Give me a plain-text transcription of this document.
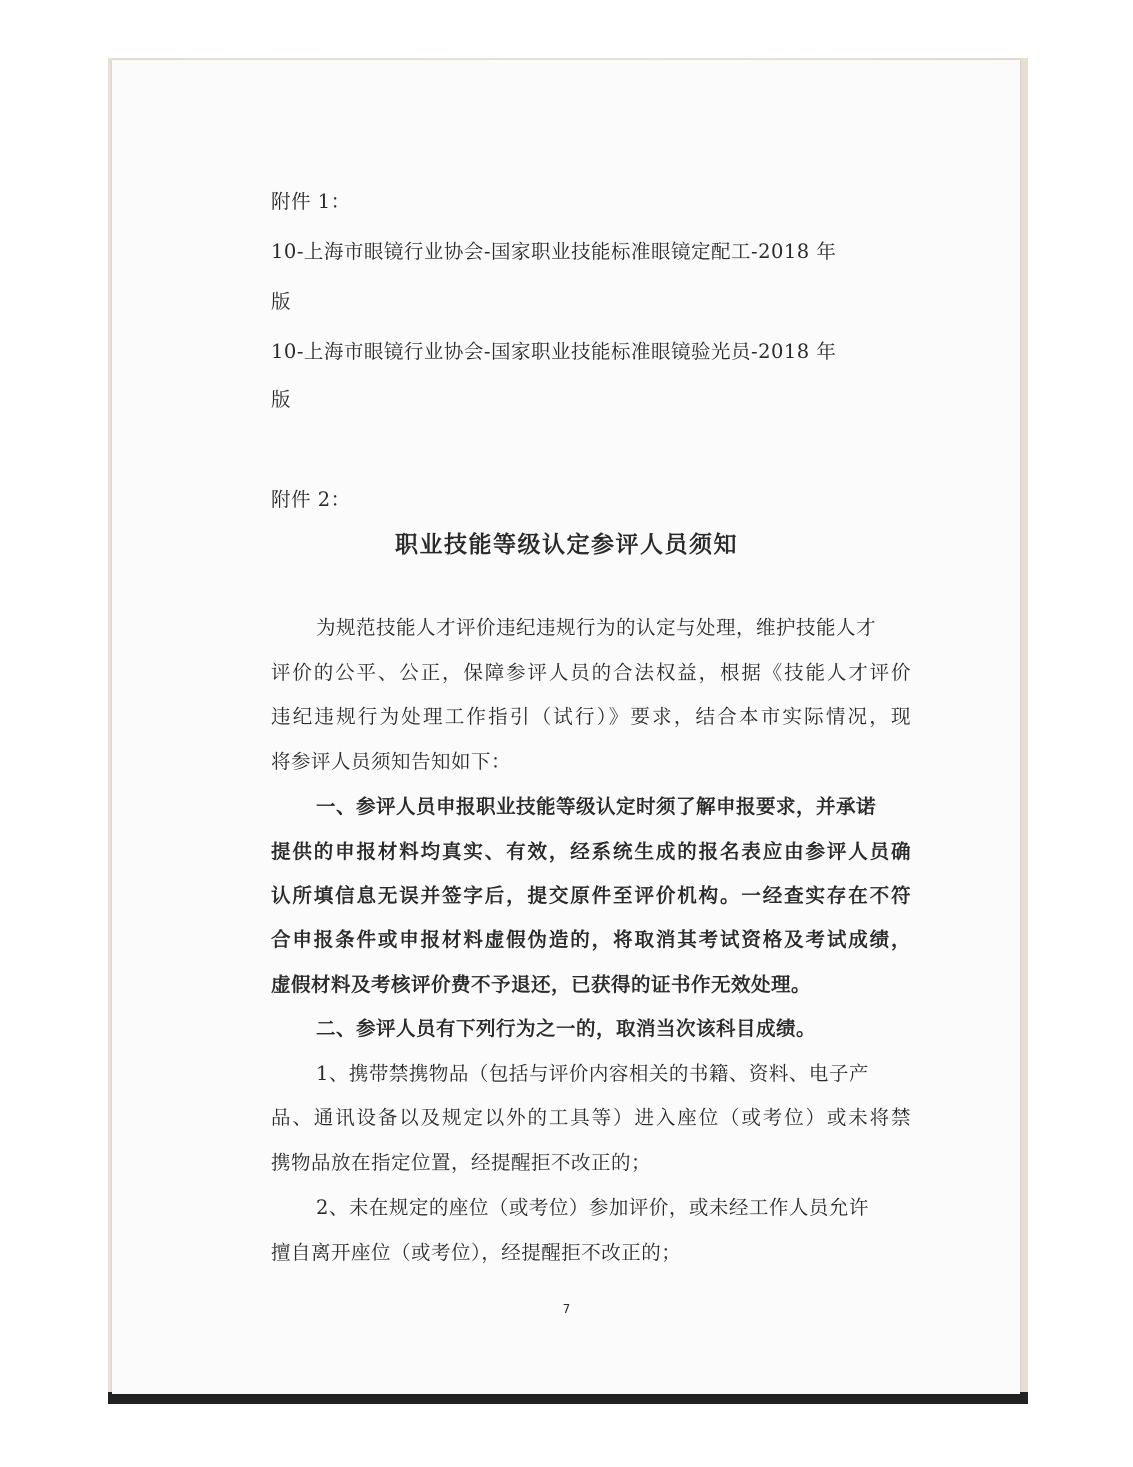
附件 1：
10-上海市眼镜行业协会-国家职业技能标准眼镜定配工-2018 年
版
10-上海市眼镜行业协会-国家职业技能标准眼镜验光员-2018 年
版
附件 2：
职业技能等级认定参评人员须知
为规范技能人才评价违纪违规行为的认定与处理，维护技能人才
评价的公平、公正，保障参评人员的合法权益，根据《技能人才评价
违纪违规行为处理工作指引（试行）》要求，结合本市实际情况，现
将参评人员须知告知如下：
一、参评人员申报职业技能等级认定时须了解申报要求，并承诺
提供的申报材料均真实、有效，经系统生成的报名表应由参评人员确
认所填信息无误并签字后，提交原件至评价机构。一经查实存在不符
合申报条件或申报材料虚假伪造的，将取消其考试资格及考试成绩，
虚假材料及考核评价费不予退还，已获得的证书作无效处理。
二、参评人员有下列行为之一的，取消当次该科目成绩。
1、携带禁携物品（包括与评价内容相关的书籍、资料、电子产
品、通讯设备以及规定以外的工具等）进入座位（或考位）或未将禁
携物品放在指定位置，经提醒拒不改正的；
2、未在规定的座位（或考位）参加评价，或未经工作人员允许
擅自离开座位（或考位），经提醒拒不改正的；
7
